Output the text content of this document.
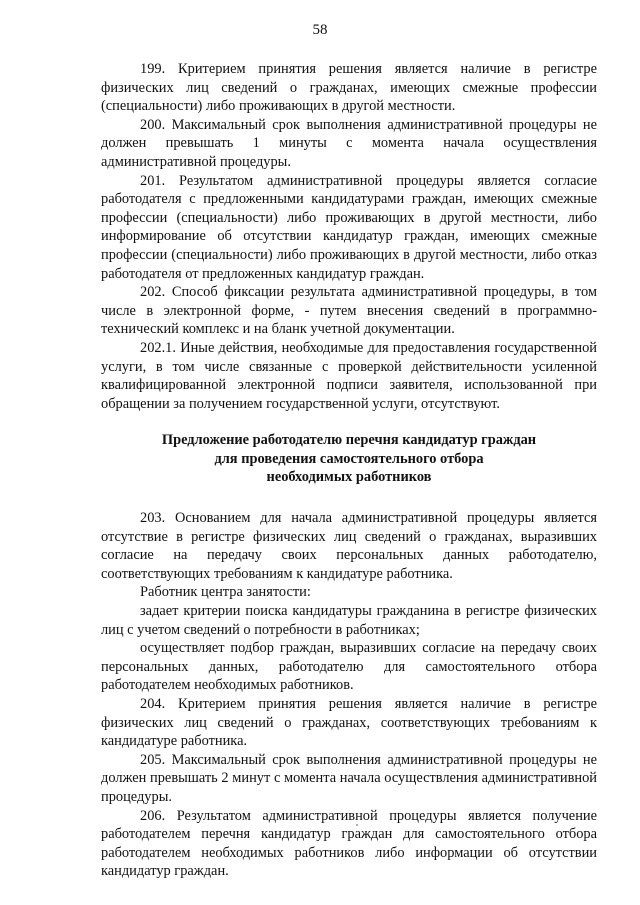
58

199. Критерием принятия решения является наличие в регистре физических лиц сведений о гражданах, имеющих смежные профессии (специальности) либо проживающих в другой местности.

200. Максимальный срок выполнения административной процедуры не должен превышать 1 минуты с момента начала осуществления административной процедуры.

201. Результатом административной процедуры является согласие работодателя с предложенными кандидатурами граждан, имеющих смежные профессии (специальности) либо проживающих в другой местности, либо информирование об отсутствии кандидатур граждан, имеющих смежные профессии (специальности) либо проживающих в другой местности, либо отказ работодателя от предложенных кандидатур граждан.

202. Способ фиксации результата административной процедуры, в том числе в электронной форме, - путем внесения сведений в программно-технический комплекс и на бланк учетной документации.

202.1. Иные действия, необходимые для предоставления государственной услуги, в том числе связанные с проверкой действительности усиленной квалифицированной электронной подписи заявителя, использованной при обращении за получением государственной услуги, отсутствуют.

Предложение работодателю перечня кандидатур граждан
для проведения самостоятельного отбора
необходимых работников

203. Основанием для начала административной процедуры является отсутствие в регистре физических лиц сведений о гражданах, выразивших согласие на передачу своих персональных данных работодателю, соответствующих требованиям к кандидатуре работника.

Работник центра занятости:

задает критерии поиска кандидатуры гражданина в регистре физических лиц с учетом сведений о потребности в работниках;

осуществляет подбор граждан, выразивших согласие на передачу своих персональных данных, работодателю для самостоятельного отбора работодателем необходимых работников.

204. Критерием принятия решения является наличие в регистре физических лиц сведений о гражданах, соответствующих требованиям к кандидатуре работника.

205. Максимальный срок выполнения административной процедуры не должен превышать 2 минут с момента начала осуществления административной процедуры.

206. Результатом административной процедуры является получение работодателем перечня кандидатур граждан для самостоятельного отбора работодателем необходимых работников либо информации об отсутствии кандидатур граждан.
